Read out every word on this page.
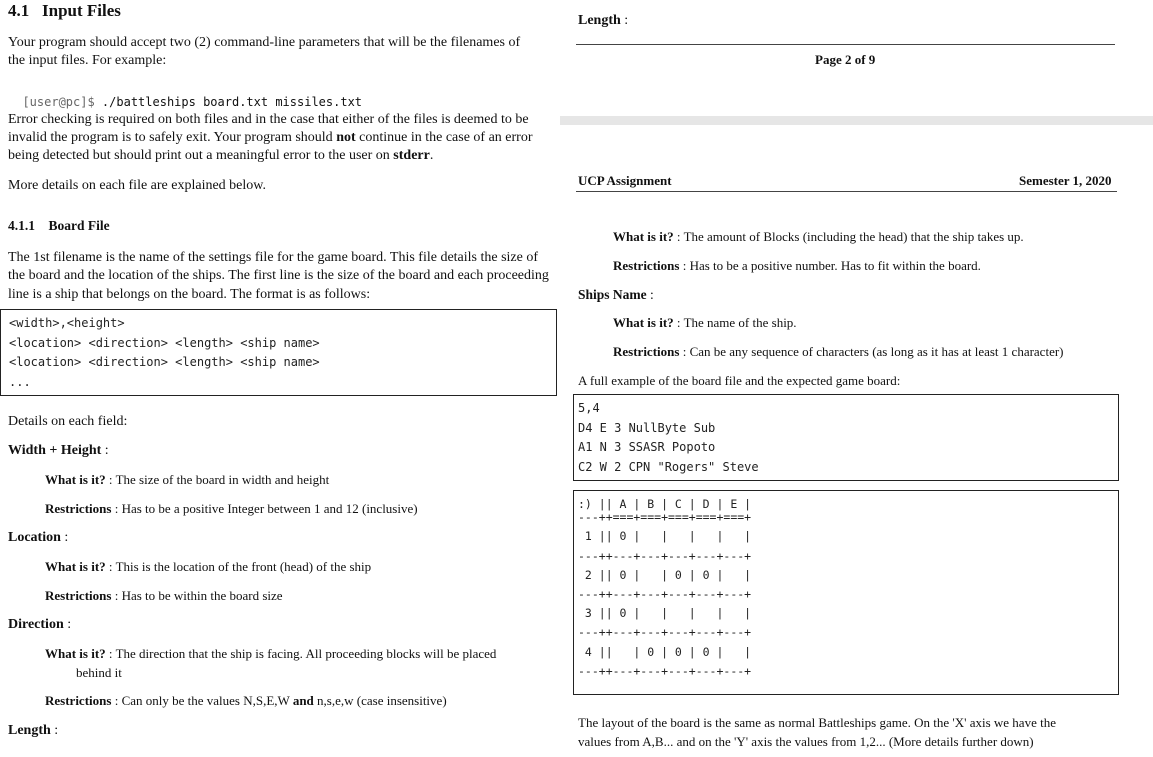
4.1 Input Files
Your program should accept two (2) command-line parameters that will be the filenames of
the input files. For example:

[user@pc]$ ./battleships board.txt missiles.txt

Error checking is required on both files and in the case that either of the files is deemed to be
invalid the program is to safely exit. Your program should not continue in the case of an error
being detected but should print out a meaningful error to the user on stderr.
More details on each file are explained below.
4.1.1 Board File
The 1st filename is the name of the settings file for the game board. This file details the size of
the board and the location of the ships. The first line is the size of the board and each proceeding
line is a ship that belongs on the board. The format is as follows:
<width>,<height>
<location> <direction> <length> <ship name>
<location> <direction> <length> <ship name>
...
Details on each field:
Width + Height :
What is it? : The size of the board in width and height
Restrictions : Has to be a positive Integer between 1 and 12 (inclusive)
Location :
What is it? : This is the location of the front (head) of the ship
Restrictions : Has to be within the board size
Direction :
What is it? : The direction that the ship is facing. All proceeding blocks will be placed
behind it
Restrictions : Can only be the values N,S,E,W and n,s,e,w (case insensitive)
Length :
Length :
Page 2 of 9
UCP Assignment	Semester 1, 2020
What is it? : The amount of Blocks (including the head) that the ship takes up.
Restrictions : Has to be a positive number. Has to fit within the board.
Ships Name :
What is it? : The name of the ship.
Restrictions : Can be any sequence of characters (as long as it has at least 1 character)
A full example of the board file and the expected game board:
5,4
D4 E 3 NullByte Sub
A1 N 3 SSASR Popoto
C2 W 2 CPN "Rogers" Steve
:) || A | B | C | D | E |
---++===+===+===+===+===+
1 || 0 |   |   |   |   |
---++---+---+---+---+---+
2 || 0 |   | 0 | 0 |   |
---++---+---+---+---+---+
3 || 0 |   |   |   |   |
---++---+---+---+---+---+
4 ||   | 0 | 0 | 0 |   |
---++---+---+---+---+---+
The layout of the board is the same as normal Battleships game. On the 'X' axis we have the
values from A,B... and on the 'Y' axis the values from 1,2... (More details further down)
